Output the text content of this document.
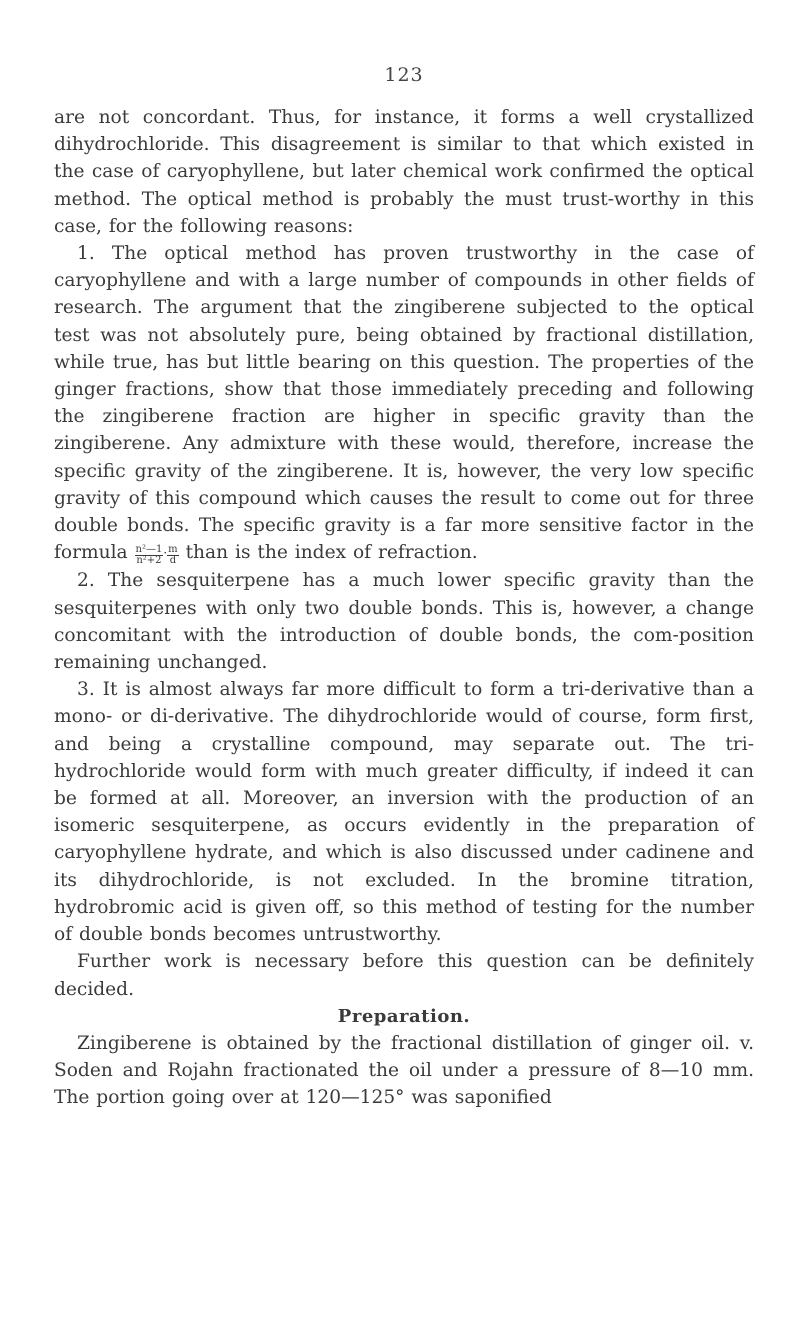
123

are not concordant. Thus, for instance, it forms a well crystallized dihydrochloride. This disagreement is similar to that which existed in the case of caryophyllene, but later chemical work confirmed the optical method. The optical method is probably the must trust-worthy in this case, for the following reasons:

1. The optical method has proven trustworthy in the case of caryophyllene and with a large number of compounds in other fields of research. The argument that the zingiberene subjected to the optical test was not absolutely pure, being obtained by fractional distillation, while true, has but little bearing on this question. The properties of the ginger fractions, show that those immediately preceding and following the zingiberene fraction are higher in specific gravity than the zingiberene. Any admixture with these would, therefore, increase the specific gravity of the zingiberene. It is, however, the very low specific gravity of this compound which causes the result to come out for three double bonds. The specific gravity is a far more sensitive factor in the formula $\frac{\text{n²—1}}{\text{n²+2}} \cdot \frac{m}{d}$ than is the index of refraction.

2. The sesquiterpene has a much lower specific gravity than the sesquiterpenes with only two double bonds. This is, however, a change concomitant with the introduction of double bonds, the com-position remaining unchanged.

3. It is almost always far more difficult to form a tri-derivative than a mono- or di-derivative. The dihydrochloride would of course, form first, and being a crystalline compound, may separate out. The tri-hydrochloride would form with much greater difficulty, if indeed it can be formed at all. Moreover, an inversion with the production of an isomeric sesquiterpene, as occurs evidently in the preparation of caryophyllene hydrate, and which is also discussed under cadinene and its dihydrochloride, is not excluded. In the bromine titration, hydrobromic acid is given off, so this method of testing for the number of double bonds becomes untrustworthy.

Further work is necessary before this question can be definitely decided.

Preparation.

Zingiberene is obtained by the fractional distillation of ginger oil. v. Soden and Rojahn fractionated the oil under a pressure of 8—10 mm. The portion going over at 120—125° was saponified
